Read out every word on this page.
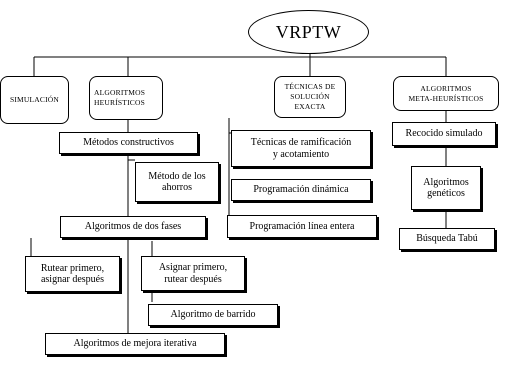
VRPTW
SIMULACIÓN
ALGORITMOS
HEURÍSTICOS
TÉCNICAS DE
SOLUCIÓN
EXACTA
ALGORITMOS
META-HEURÍSTICOS
Métodos constructivos
Método de los
ahorros
Algoritmos de dos fases
Rutear primero,
asignar después
Asignar primero,
rutear después
Algoritmo de barrido
Algoritmos de mejora iterativa
Técnicas de ramificación
y acotamiento
Programación dinámica
Programación línea entera
Recocido simulado
Algoritmos
genéticos
Búsqueda Tabú
